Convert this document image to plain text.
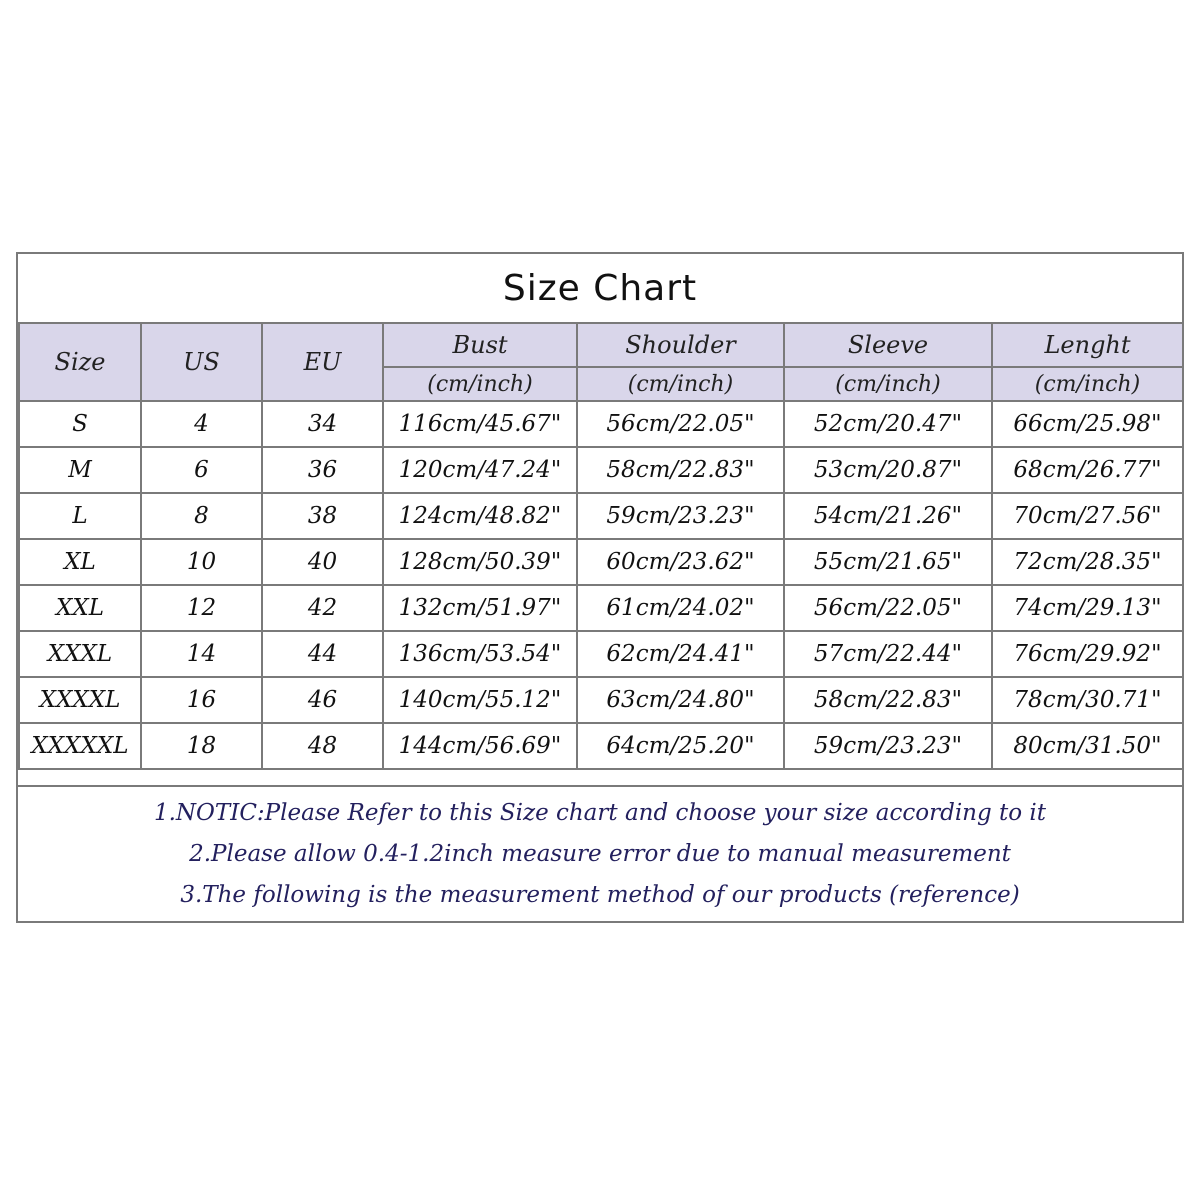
Size Chart
Size	US	EU	Bust	Shoulder	Sleeve	Lenght
			(cm/inch)	(cm/inch)	(cm/inch)	(cm/inch)
S	4	34	116cm/45.67"	56cm/22.05"	52cm/20.47"	66cm/25.98"
M	6	36	120cm/47.24"	58cm/22.83"	53cm/20.87"	68cm/26.77"
L	8	38	124cm/48.82"	59cm/23.23"	54cm/21.26"	70cm/27.56"
XL	10	40	128cm/50.39"	60cm/23.62"	55cm/21.65"	72cm/28.35"
XXL	12	42	132cm/51.97"	61cm/24.02"	56cm/22.05"	74cm/29.13"
XXXL	14	44	136cm/53.54"	62cm/24.41"	57cm/22.44"	76cm/29.92"
XXXXL	16	46	140cm/55.12"	63cm/24.80"	58cm/22.83"	78cm/30.71"
XXXXXL	18	48	144cm/56.69"	64cm/25.20"	59cm/23.23"	80cm/31.50"
1.NOTIC:Please Refer to this Size chart and choose your size according to it
2.Please allow 0.4-1.2inch measure error due to manual measurement
3.The following is the measurement method of our products (reference)
